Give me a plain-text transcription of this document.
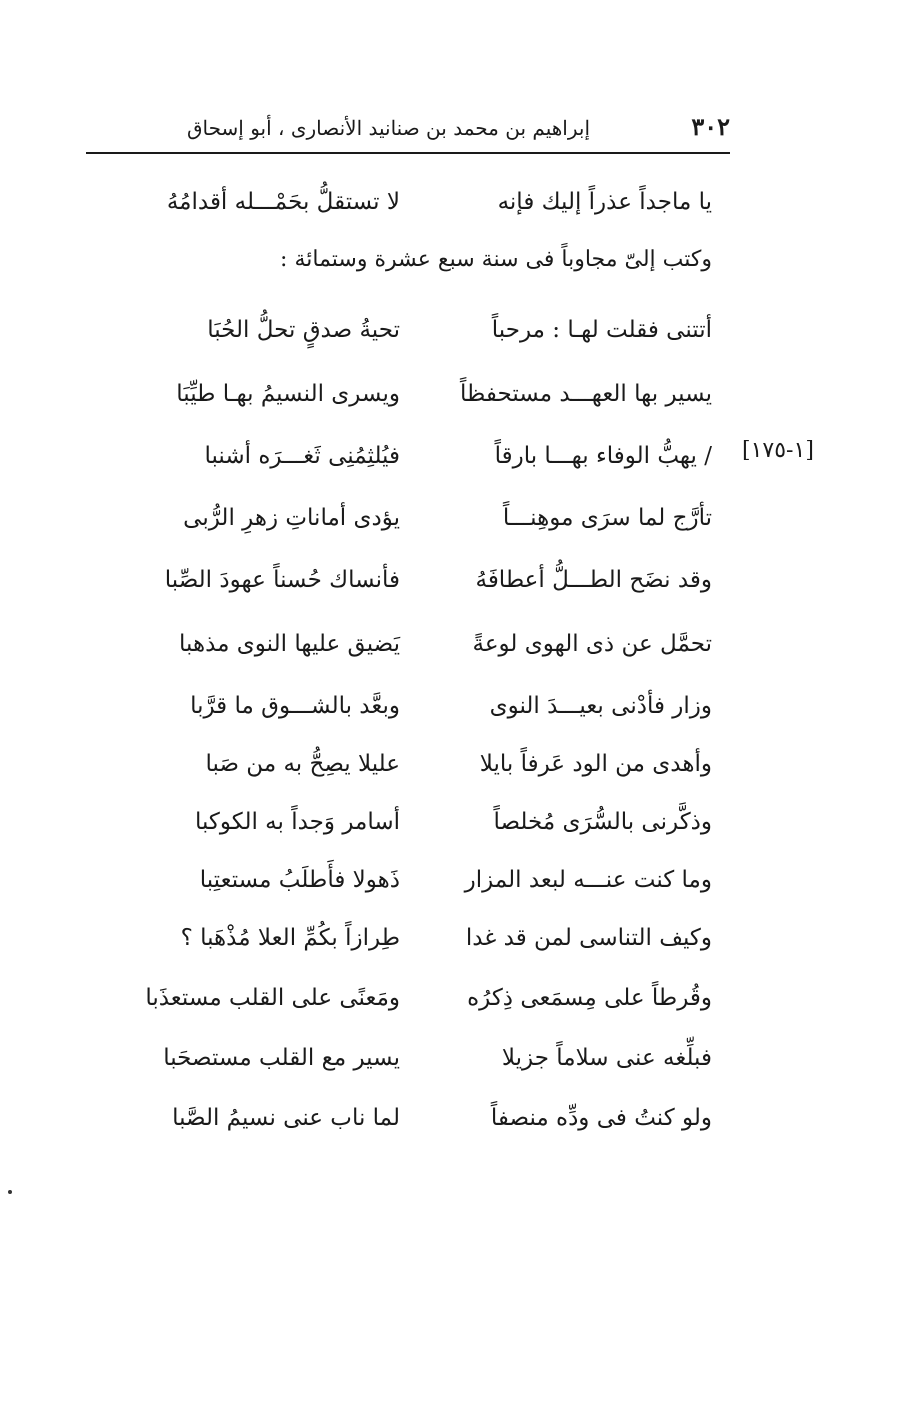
٣٠٢
إبراهيم بن محمد بن صنانيد الأنصارى ، أبو إسحاق
[١-١٧٥]
يا ماجداً عذراً إليك فإنه
لا تستقلُّ بحَمْـــله أقدامُهُ
وكتب إلىّ مجاوباً فى سنة سبع عشرة وستمائة :
أتتنى فقلت لهـا : مرحباً
تحيةُ صدقٍ تحلُّ الحُبَا
يسير بها العهـــد مستحفظاً
ويسرى النسيمُ بهـا طيِّبَا
/ يهبُّ الوفاء بهـــا بارقاً
فيُلثِمُنِى ثَغـــرَه أشنبا
تأرَّج لما سرَى موهِنـــاً
يؤدى أماناتِ زهرِ الرُّبى
وقد نضَح الطـــلُّ أعطافَهُ
فأنساك حُسناً عهودَ الصِّبا
تحمَّل عن ذى الهوى لوعةً
يَضيق عليها النوى مذهبا
وزار فأدْنى بعيـــدَ النوى
وبعَّد بالشـــوق ما قرَّبا
وأهدى من الود عَرفاً بايلا
عليلا يصِحُّ به من صَبا
وذكَّرنى بالسُّرَى مُخلصاً
أسامر وَجداً به الكوكبا
وما كنت عنـــه لبعد المزار
ذَهولا فأَطلَبُ مستعتِبا
وكيف التناسى لمن قد غدا
طِرازاً بكُمِّ العلا مُذْهَبا ؟
وقُرطاً على مِسمَعى ذِكرُه
ومَعنًى على القلب مستعذَبا
فبلِّغه عنى سلاماً جزيلا
يسير مع القلب مستصحَبا
ولو كنتُ فى ودِّه منصفاً
لما ناب عنى نسيمُ الصَّبا
